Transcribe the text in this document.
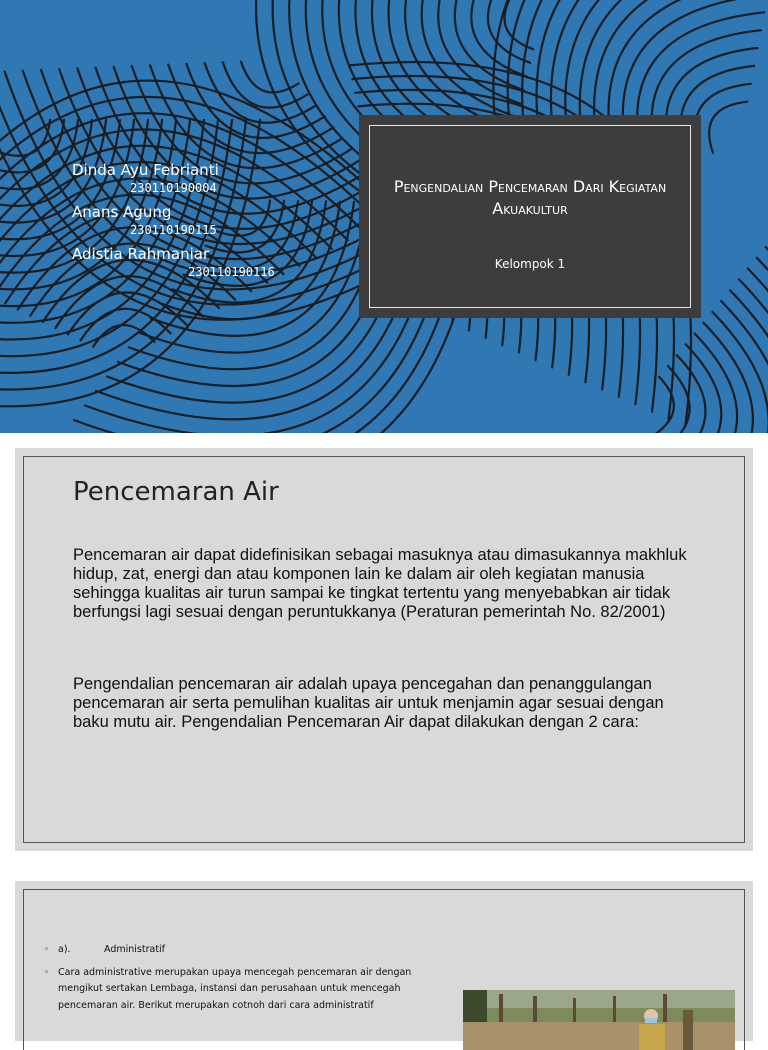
Dinda Ayu Febrianti

230110190004

Anans Agung

230110190115

Adistia Rahmaniar

230110190116

Pengendalian Pencemaran Dari Kegiatan Akuakultur
Kelompok 1
Pencemaran Air

Pencemaran air dapat didefinisikan sebagai masuknya atau dimasukannya makhluk hidup, zat, energi dan atau komponen lain ke dalam air oleh kegiatan manusia sehingga kualitas air turun sampai ke tingkat tertentu yang menyebabkan air tidak berfungsi lagi sesuai dengan peruntukkanya (Peraturan pemerintah No. 82/2001)

Pengendalian pencemaran air adalah upaya pencegahan dan penanggulangan pencemaran air serta pemulihan kualitas air untuk menjamin agar sesuai dengan baku mutu air. Pengendalian Pencemaran Air dapat dilakukan dengan 2 cara:

◦ a).	Administratif
◦ Cara administrative merupakan upaya mencegah pencemaran air dengan mengikut sertakan Lembaga, instansi dan perusahaan untuk mencegah pencemaran air. Berikut merupakan cotnoh dari cara administratif
